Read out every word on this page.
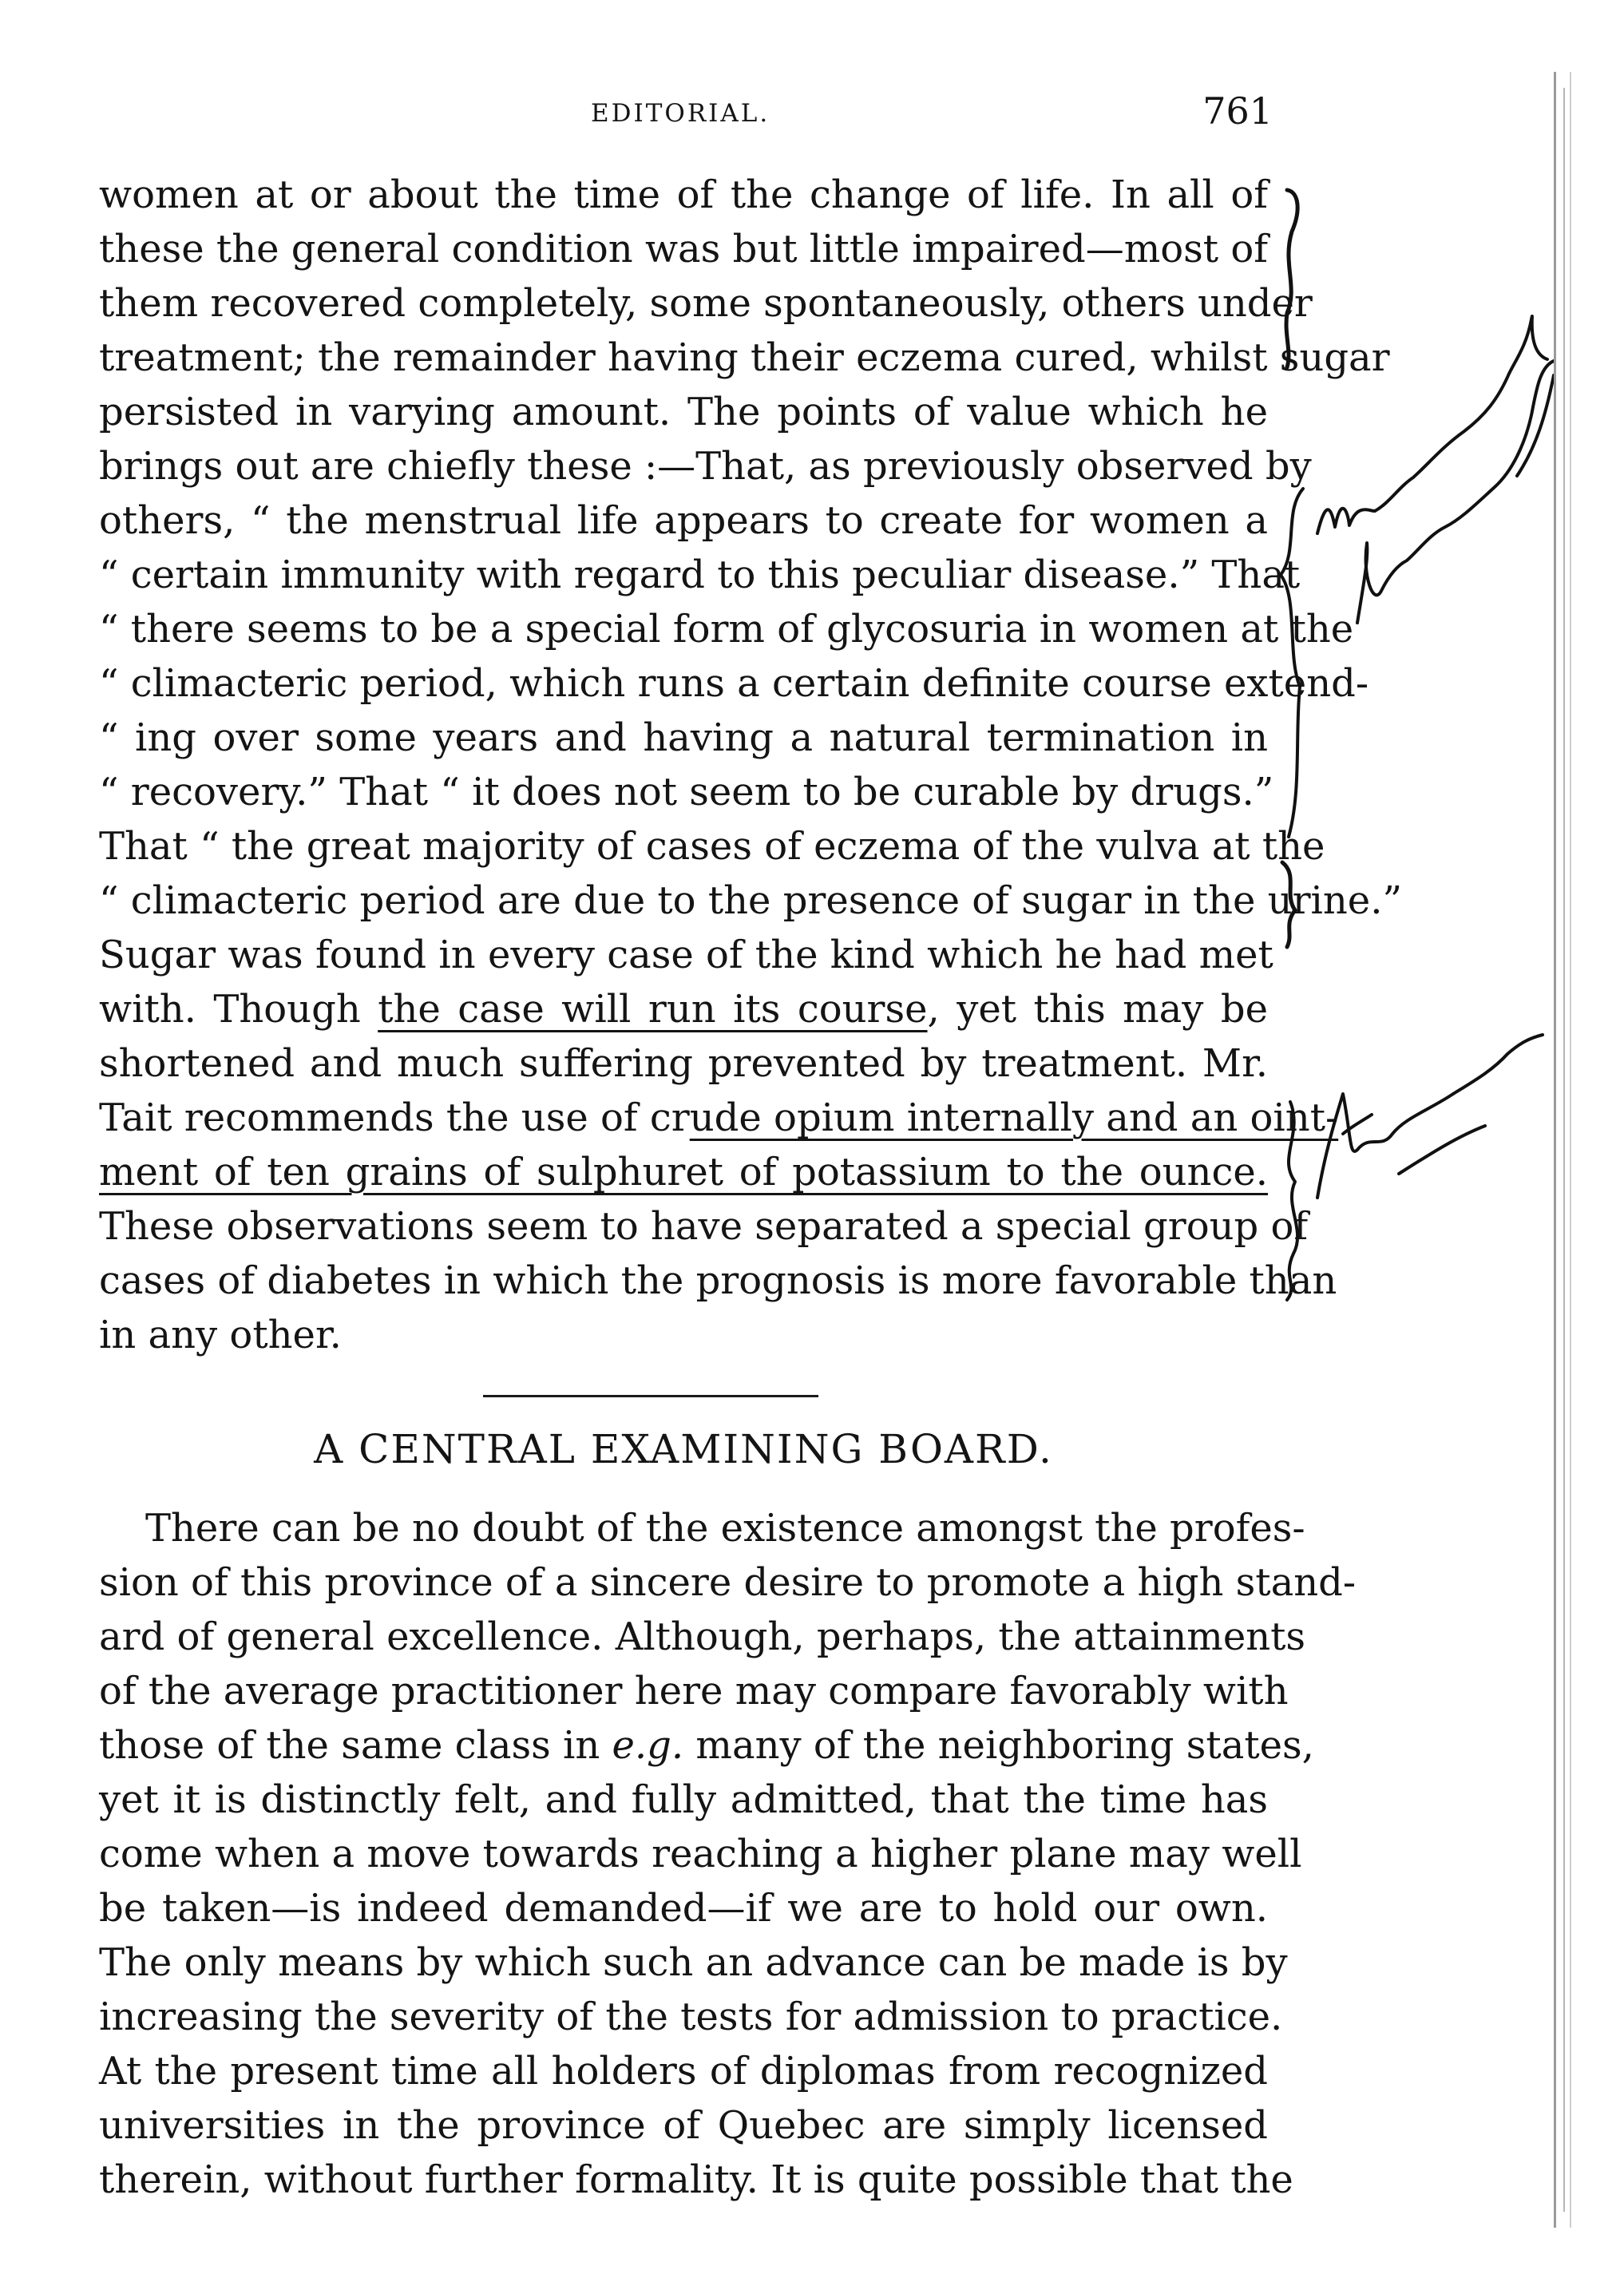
EDITORIAL.	761
women at or about the time of the change of life. In all of
these the general condition was but little impaired—most of
them recovered completely, some spontaneously, others under
treatment; the remainder having their eczema cured, whilst sugar
persisted in varying amount. The points of value which he
brings out are chiefly these :—That, as previously observed by
others, “ the menstrual life appears to create for women a
“ certain immunity with regard to this peculiar disease.” That
“ there seems to be a special form of glycosuria in women at the
“ climacteric period, which runs a certain definite course extend-
“ ing over some years and having a natural termination in
“ recovery.” That “ it does not seem to be curable by drugs.”
That “ the great majority of cases of eczema of the vulva at the
“ climacteric period are due to the presence of sugar in the urine.”
Sugar was found in every case of the kind which he had met
with. Though the case will run its course, yet this may be
shortened and much suffering prevented by treatment. Mr.
Tait recommends the use of crude opium internally and an oint-
ment of ten grains of sulphuret of potassium to the ounce.
These observations seem to have separated a special group of
cases of diabetes in which the prognosis is more favorable than
in any other.
A CENTRAL EXAMINING BOARD.
There can be no doubt of the existence amongst the profes-
sion of this province of a sincere desire to promote a high stand-
ard of general excellence. Although, perhaps, the attainments
of the average practitioner here may compare favorably with
those of the same class in e.g. many of the neighboring states,
yet it is distinctly felt, and fully admitted, that the time has
come when a move towards reaching a higher plane may well
be taken—is indeed demanded—if we are to hold our own.
The only means by which such an advance can be made is by
increasing the severity of the tests for admission to practice.
At the present time all holders of diplomas from recognized
universities in the province of Quebec are simply licensed
therein, without further formality. It is quite possible that the
